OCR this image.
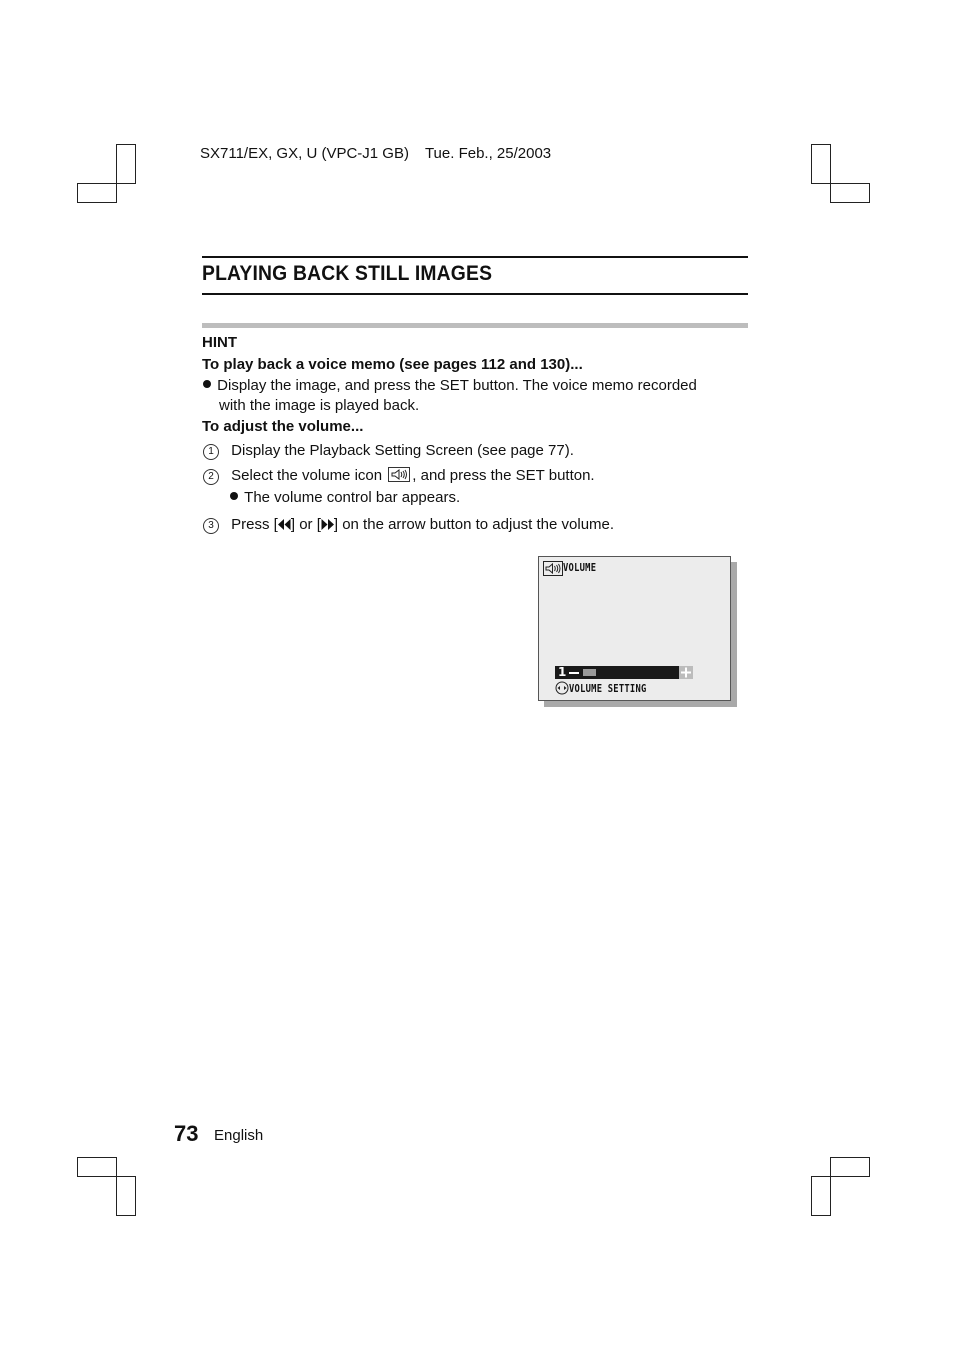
SX711/EX, GX, U (VPC-J1 GB) Tue. Feb., 25/2003
PLAYING BACK STILL IMAGES
HINT
To play back a voice memo (see pages 112 and 130)...
Display the image, and press the SET button. The voice memo recorded
with the image is played back.
To adjust the volume...
1 Display the Playback Setting Screen (see page 77).
2 Select the volume icon , and press the SET button.
The volume control bar appears.
3 Press [ ] or [ ] on the arrow button to adjust the volume.
VOLUME
1
VOLUME SETTING
73 English
